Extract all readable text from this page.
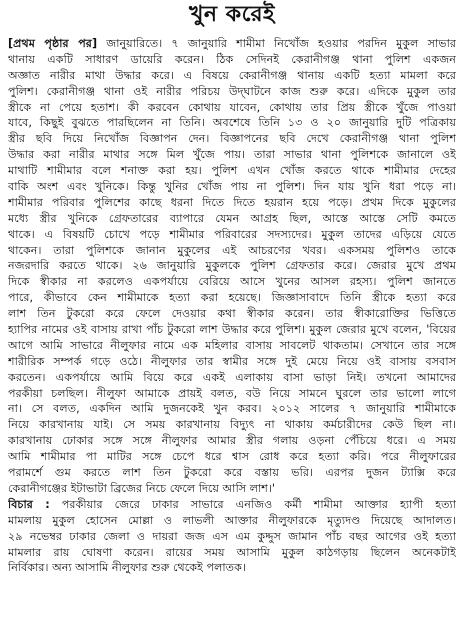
খুন করেই
[প্রথম পৃষ্ঠার পর] জানুয়ারিতে। ৭ জানুয়ারি শামীমা নিখোঁজ হওয়ার পরদিন মুকুল সাভার
থানায় একটি সাধারণ ডায়েরি করেন। ঠিক সেদিনই কেরানীগঞ্জ থানা পুলিশ একজন
অজ্ঞাত নারীর মাথা উদ্ধার করে। এ বিষয়ে কেরানীগঞ্জ থানায় একটি হত্যা মামলা করে
পুলিশ। কেরানীগঞ্জ থানা ওই নারীর পরিচয় উদ্‌ঘাটনে কাজ শুরু করে। এদিকে মুকুল তার
স্ত্রীকে না পেয়ে হতাশ। কী করবেন কোথায় যাবেন, কোথায় তার প্রিয় স্ত্রীকে খুঁজে পাওয়া
যাবে, কিছুই বুঝতে পারছিলেন না তিনি। অবশেষে তিনি ১৩ ও ২০ জানুয়ারি দুটি পত্রিকায়
স্ত্রীর ছবি দিয়ে নিখোঁজ বিজ্ঞাপন দেন। বিজ্ঞাপনের ছবি দেখে কেরানীগঞ্জ থানা পুলিশ
উদ্ধার করা নারীর মাথার সঙ্গে মিল খুঁজে পায়। তারা সাভার থানা পুলিশকে জানালে ওই
মাথাটি শামীমার বলে শনাক্ত করা হয়। পুলিশ এখন খোঁজ করতে থাকে শামীমার দেহের
বাকি অংশ এবং খুনিকে। কিন্তু খুনির খোঁজ পায় না পুলিশ। দিন যায় খুনি ধরা পড়ে না।
শামীমার পরিবার পুলিশের কাছে ধরনা দিতে দিতে হয়রান হয়ে পড়ে। প্রথম দিকে মুকুলের
মধ্যে স্ত্রীর খুনিকে গ্রেফতারের ব্যাপারে যেমন আগ্রহ ছিল, আস্তে আস্তে সেটি কমতে
থাকে। এ বিষয়টি চোখে পড়ে শামীমার পরিবারের সদস্যদের। মুকুল তাদের এড়িয়ে যেতে
থাকেন। তারা পুলিশকে জানান মুকুলের এই আচরণের খবর। একসময় পুলিশও তাকে
নজরদারি করতে থাকে। ২৬ জানুয়ারি মুকুলকে পুলিশ গ্রেফতার করে। জেরার মুখে প্রথম
দিকে স্বীকার না করলেও একপর্যায়ে বেরিয়ে আসে খুনের আসল রহস্য। পুলিশ জানতে
পারে, কীভাবে কেন শামীমাকে হত্যা করা হয়েছে। জিজ্ঞাসাবাদে তিনি স্ত্রীকে হত্যা করে
লাশ তিন টুকরো করে ফেলে দেওয়ার কথা স্বীকার করেন। তার স্বীকারোক্তির ভিত্তিতে
হ্যাপির নামের ওই বাসায় রাখা পাঁচ টুকরো লাশ উদ্ধার করে পুলিশ। মুকুল জেরার মুখে বলেন, 'বিয়ের
আগে আমি সাভারে নীলুফার নামে এক মহিলার বাসায় সাবলেট থাকতাম। সেখানে তার সঙ্গে
শারীরিক সম্পর্ক গড়ে ওঠে। নীলুফার তার স্বামীর সঙ্গে দুই মেয়ে নিয়ে ওই বাসায় বসবাস
করতেন। একপর্যায়ে আমি বিয়ে করে একই এলাকায় বাসা ভাড়া নিই। তখনো আমাদের
পরকীয়া চলছিল। নীলুফা আমাকে প্রায়ই বলত, বউ নিয়ে সামনে ঘুরলে তার ভালো লাগে
না। সে বলত, একদিন আমি দুজনকেই খুন করব। ২০১২ সালের ৭ জানুয়ারি শামীমাকে
নিয়ে কারখানায় যাই। সে সময় কারখানায় বিদ্যুৎ না থাকায় কর্মচারীদের কেউ ছিল না।
কারখানায় ঢোকার সঙ্গে সঙ্গে নীলুফার আমার স্ত্রীর গলায় ওড়না পেঁচিয়ে ধরে। এ সময়
আমি শামীমার পা মাটির সঙ্গে চেপে ধরে শ্বাস রোধ করে হত্যা করি। পরে নীলুফারের
পরামর্শে গুম করতে লাশ তিন টুকরো করে বস্তায় ভরি। এরপর দুজন ট্যাক্সি করে
কেরানীগঞ্জের ইটাভাটা ব্রিজের নিচে ফেলে দিয়ে আসি লাশ।'
বিচার : পরকীয়ার জেরে ঢাকার সাভারে এনজিও কর্মী শামীমা আক্তার হ্যাপী হত্যা
মামলায় মুকুল হোসেন মোল্লা ও লাভলী আক্তার নীলুফারকে মৃত্যুদণ্ড দিয়েছে আদালত।
২৯ নভেম্বর ঢাকার জেলা ও দায়রা জজ এস এম কুদ্দুস জামান পাঁচ বছর আগের ওই হত্যা
মামলার রায় ঘোষণা করেন। রায়ের সময় আসামি মুকুল কাঠগড়ায় ছিলেন অনেকটাই
নির্বিকার। অন্য আসামি নীলুফার শুরু থেকেই পলাতক।
